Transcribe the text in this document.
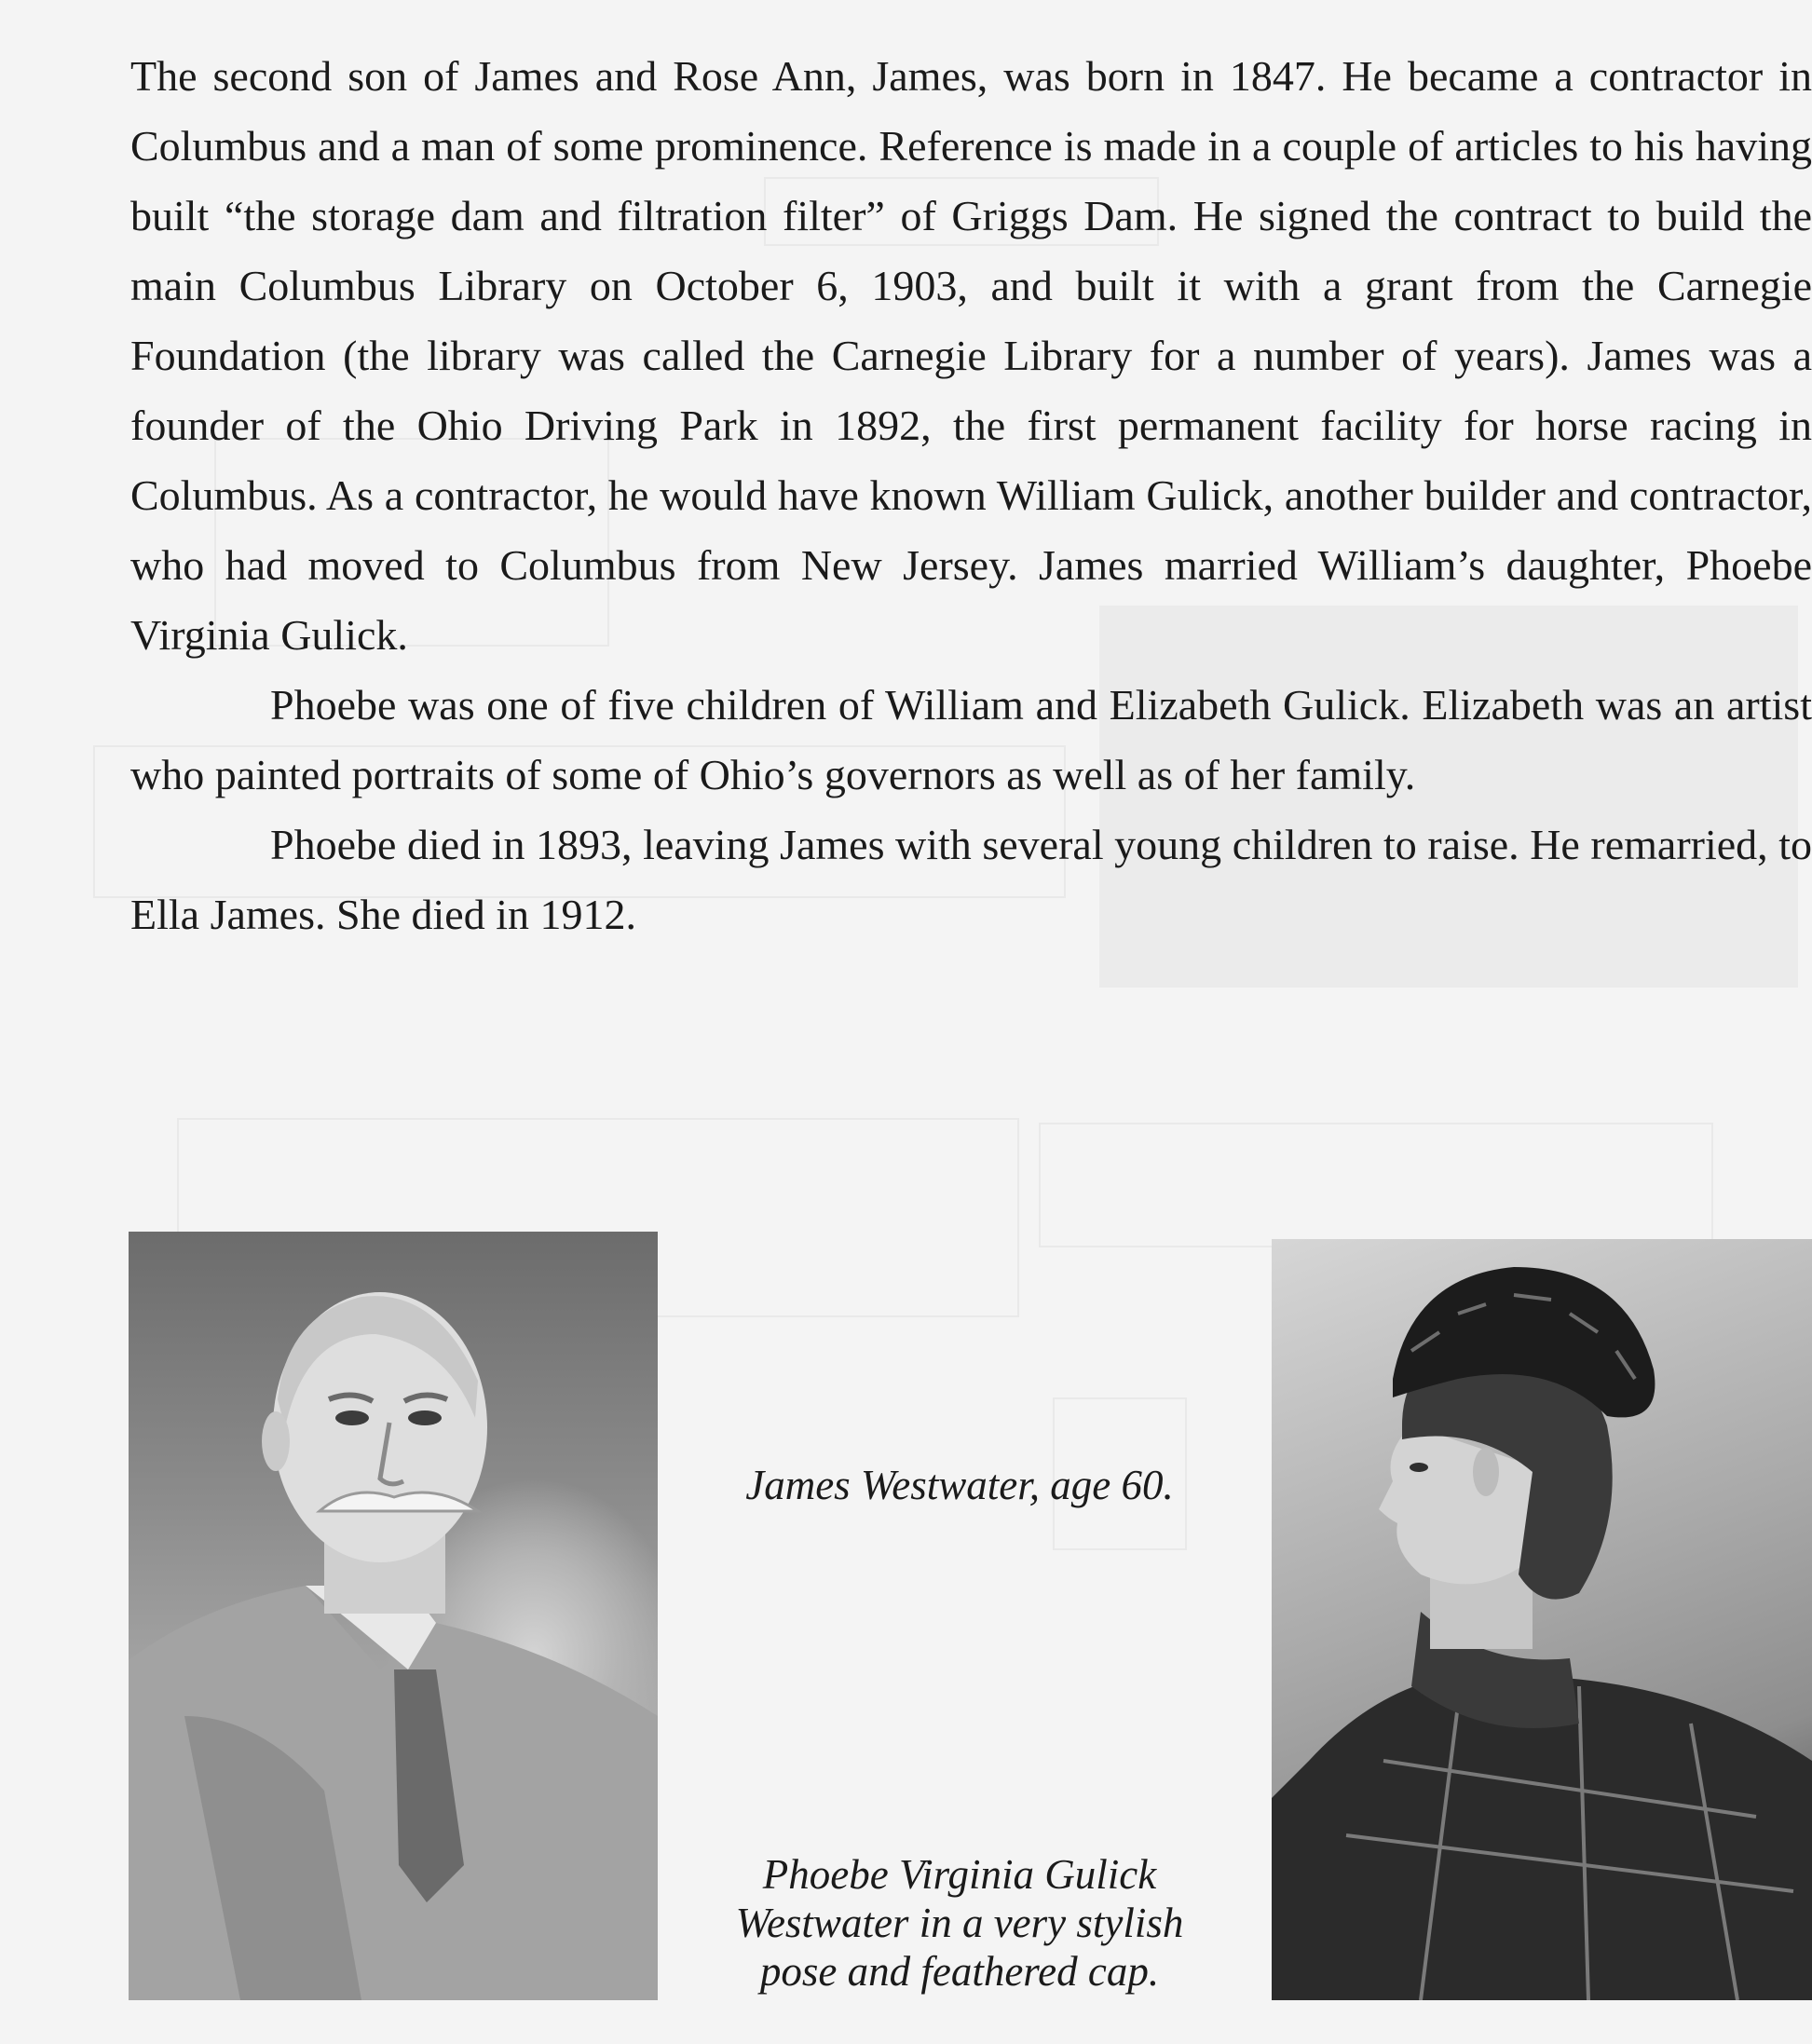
The second son of James and Rose Ann, James, was born in 1847. He became a contractor in Columbus and a man of some prominence. Reference is made in a couple of articles to his having built “the storage dam and filtration filter” of Griggs Dam. He signed the contract to build the main Columbus Library on October 6, 1903, and built it with a grant from the Carnegie Foundation (the library was called the Carnegie Library for a number of years). James was a founder of the Ohio Driving Park in 1892, the first permanent facility for horse racing in Columbus. As a contractor, he would have known William Gulick, another builder and contractor, who had moved to Columbus from New Jersey. James married William’s daughter, Phoebe Virginia Gulick.

Phoebe was one of five children of William and Elizabeth Gulick. Elizabeth was an artist who painted portraits of some of Ohio’s governors as well as of her family.

Phoebe died in 1893, leaving James with several young children to raise. He remarried, to Ella James. She died in 1912.

James Westwater, age 60.

Phoebe Virginia Gulick
Westwater in a very stylish
pose and feathered cap.
